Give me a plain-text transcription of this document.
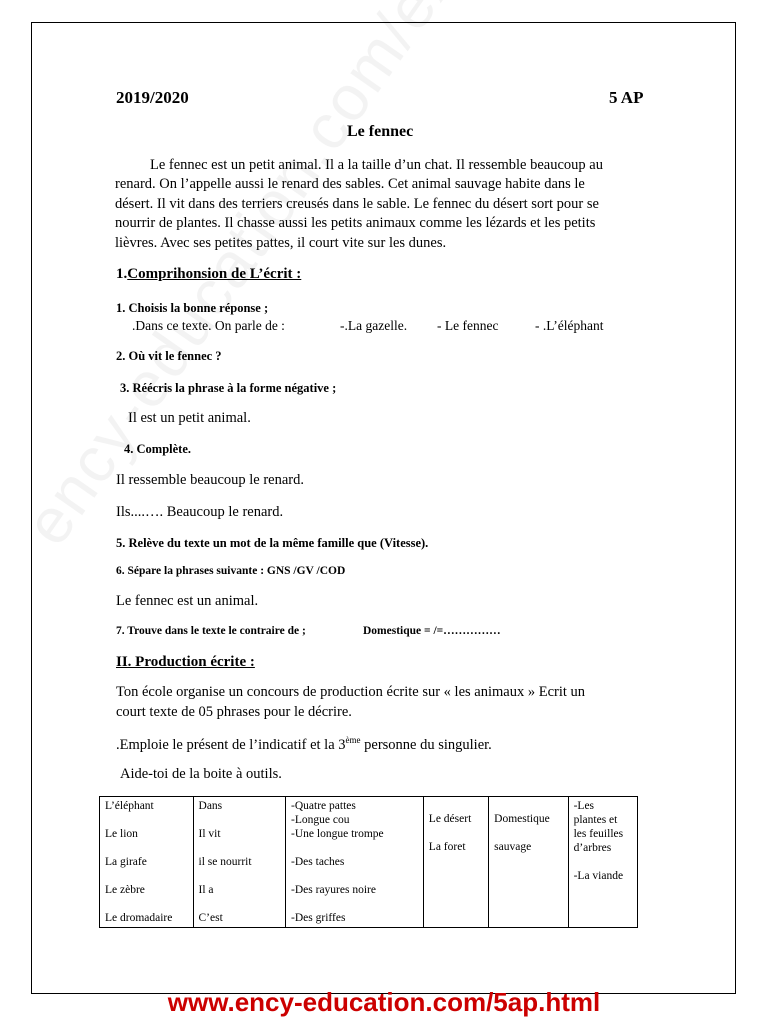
2019/2020	5 AP
Le fennec
Le fennec est un petit animal. Il a la taille d’un chat. Il ressemble beaucoup au
renard. On l’appelle aussi le renard des sables. Cet animal sauvage habite dans le
désert. Il vit dans des terriers creusés dans le sable. Le fennec du désert sort pour se
nourrir de plantes. Il chasse aussi les petits animaux comme les lézards et les petits
lièvres. Avec ses petites pattes, il court vite sur les dunes.
1.Comprihonsion de L’écrit :
1. Choisis la bonne réponse ;
.Dans ce texte. On parle de :	-.La gazelle. - Le fennec	- .L’éléphant
2. Où vit le fennec ?
3. Réécris la phrase à la forme négative ;
Il est un petit animal.
4. Complète.
Il ressemble beaucoup le renard.
Ils....…. Beaucoup le renard.
5. Relève du texte un mot de la même famille que (Vitesse).
6. Sépare la phrases suivante : GNS /GV /COD
Le fennec est un animal.
7. Trouve dans le texte le contraire de ;	Domestique = /=……………
II. Production écrite :
Ton école organise un concours de production écrite sur « les animaux » Ecrit un
court texte de 05 phrases pour le décrire.
.Emploie le présent de l’indicatif et la 3ème personne du singulier.
Aide-toi de la boite à outils.
L’éléphant
Le lion
La girafe
Le zèbre
Le dromadaire

Dans
Il vit
il se nourrit
Il a
C’est

-Quatre pattes
-Longue cou
-Une longue trompe
-Des taches
-Des rayures noire
-Des griffes

Le désert
La foret

Domestique
sauvage

-Les
plantes et
les feuilles
d’arbres
-La viande
www.ency-education.com/5ap.html
